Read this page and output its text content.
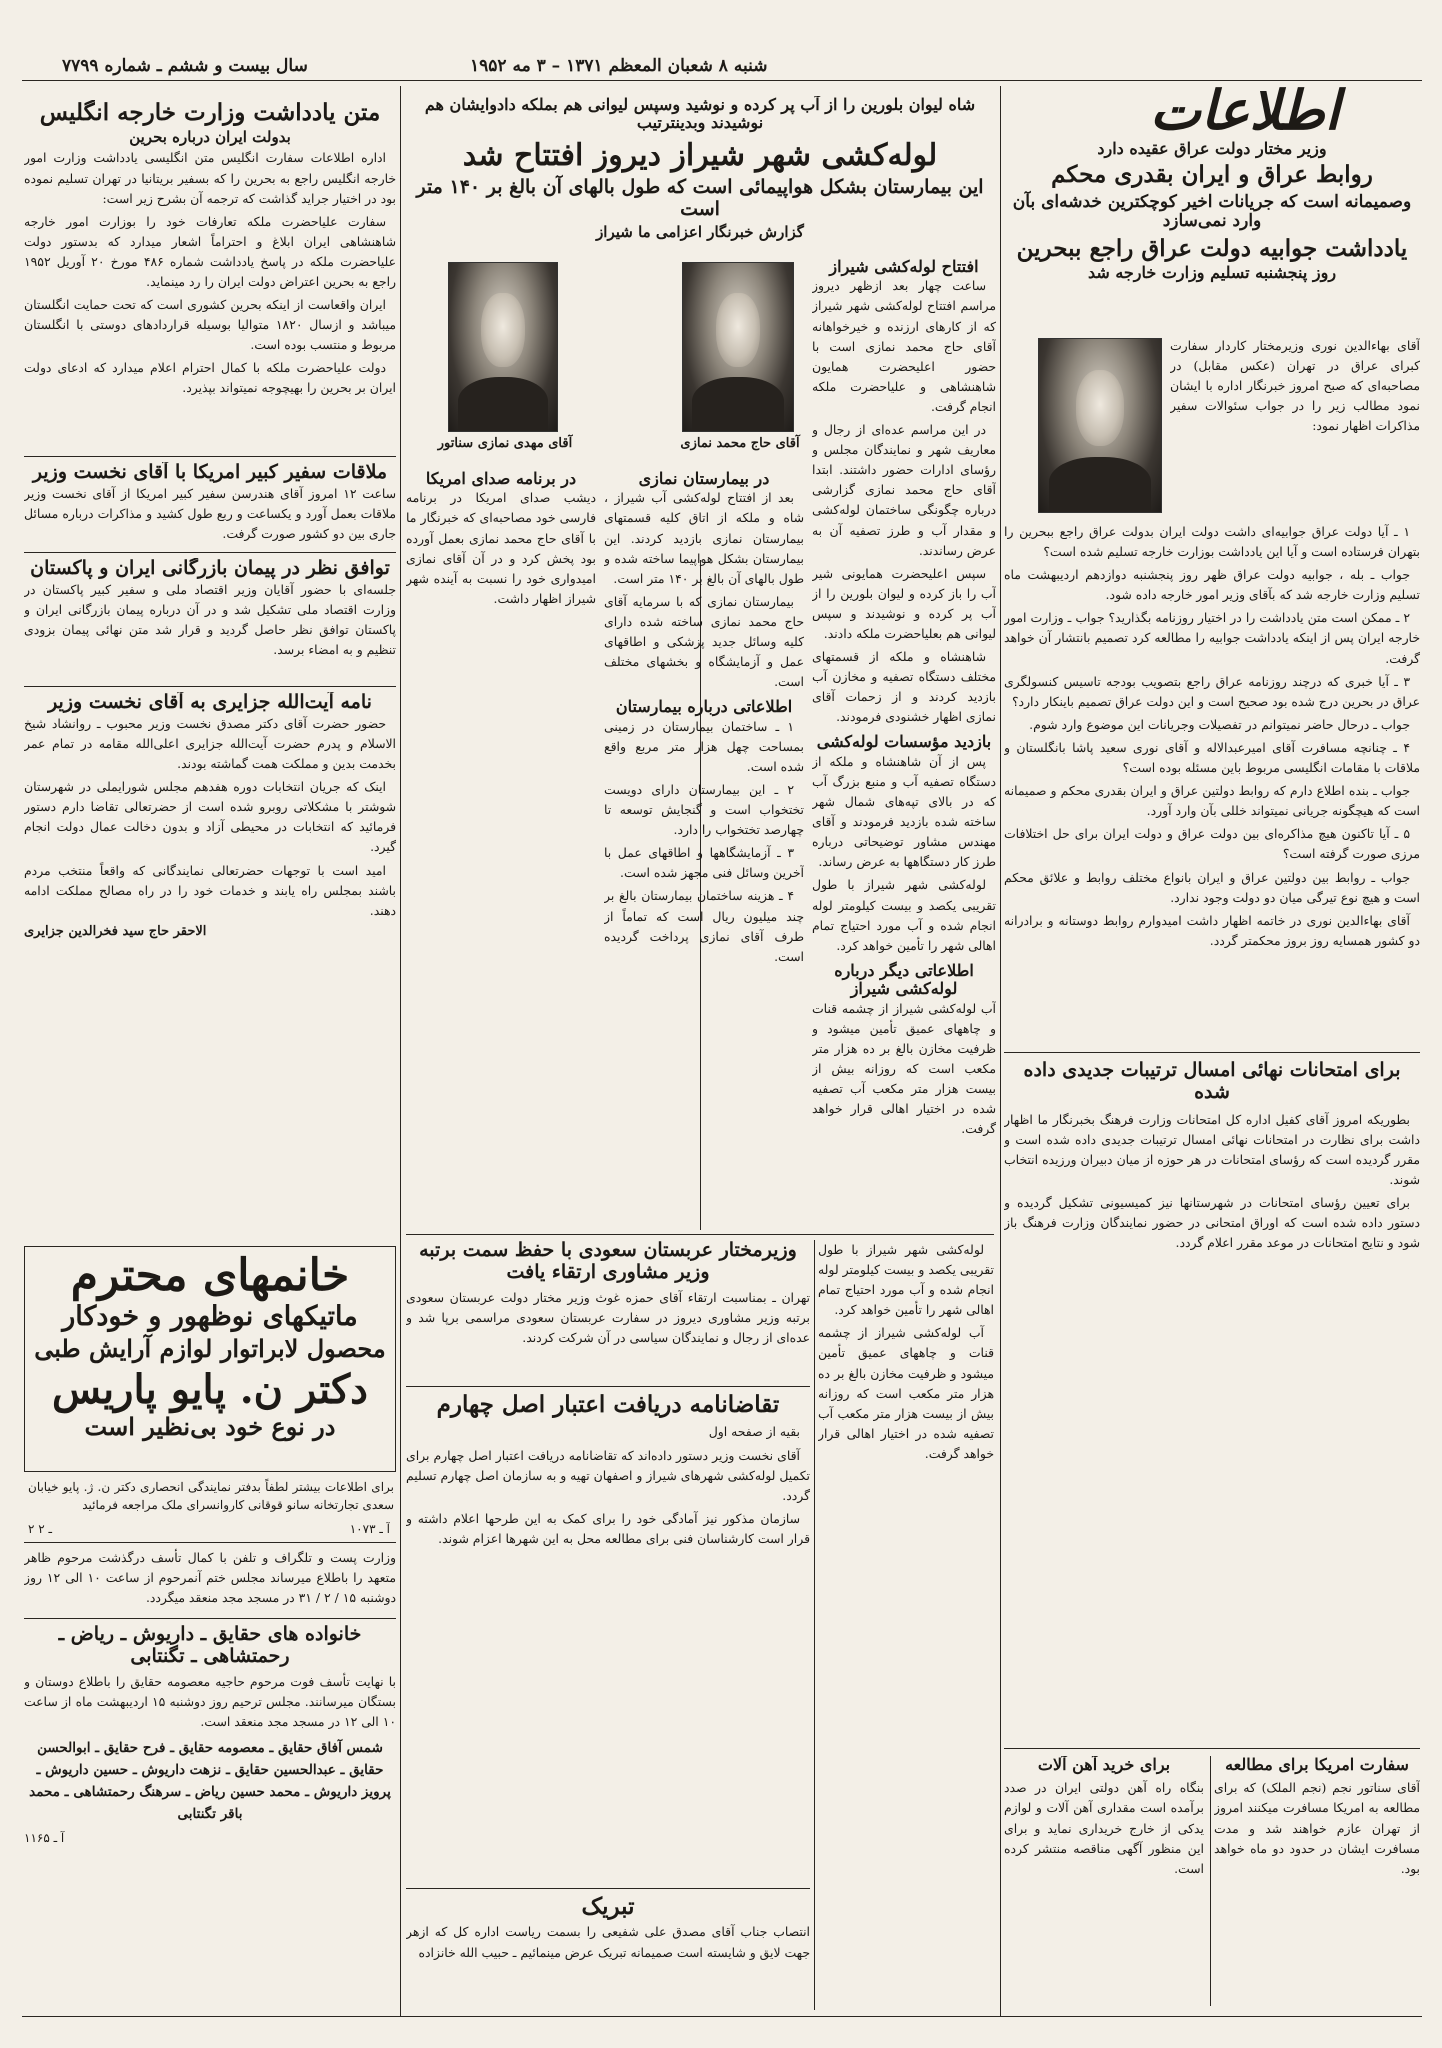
سال بیست و ششم ـ شماره ۷۷۹۹	شنبه ۸ شعبان المعظم ۱۳۷۱ – ۳ مه ۱۹۵۲
اطلاعات
وزیر مختار دولت عراق عقیده دارد
روابط عراق و ایران بقدری محکم
وصمیمانه است که جریانات اخیر کوچکترین خدشه‌ای بآن وارد نمی‌سازد
یادداشت جوابیه دولت عراق راجع ببحرین
روز پنجشنبه تسلیم وزارت خارجه شد
آقای بهاءالدین نوری وزیرمختار کاردار سفارت کبرای عراق در تهران (عکس مقابل) در مصاحبه‌ای که صبح امروز خبرنگار اداره با ایشان نمود مطالب زیر را در جواب سئوالات سفیر مذاکرات اظهار نمود:

۱ ـ آیا دولت عراق جوابیه‌ای داشت دولت ایران بدولت عراق راجع ببحرین را بتهران فرستاده است و آیا این یادداشت بوزارت خارجه تسلیم شده است؟

جواب ـ بله ، جوابیه دولت عراق ظهر روز پنجشنبه دوازدهم اردیبهشت ماه تسلیم وزارت خارجه شد که بآقای وزیر امور خارجه داده شود.

۲ ـ ممکن است متن یادداشت را در اختیار روزنامه بگذارید؟ جواب ـ وزارت امور خارجه ایران پس از اینکه یادداشت جوابیه را مطالعه کرد تصمیم بانتشار آن خواهد گرفت.

۳ ـ آیا خبری که درچند روزنامه عراق راجع بتصویب بودجه تاسیس کنسولگری عراق در بحرین درج شده بود صحیح است و این دولت عراق تصمیم باینکار دارد؟

جواب ـ درحال حاضر نمیتوانم در تفصیلات وجریانات این موضوع وارد شوم.

۴ ـ چنانچه مسافرت آقای امیرعبدالاله و آقای نوری سعید پاشا بانگلستان و ملاقات با مقامات انگلیسی مربوط باین مسئله بوده است؟

جواب ـ بنده اطلاع دارم که روابط دولتین عراق و ایران بقدری محکم و صمیمانه است که هیچگونه جریانی نمیتواند خللی بآن وارد آورد.

۵ ـ آیا تاکنون هیچ مذاکره‌ای بین دولت عراق و دولت ایران برای حل اختلافات مرزی صورت گرفته است؟

جواب ـ روابط بین دولتین عراق و ایران بانواع مختلف روابط و علائق محکم است و هیچ نوع تیرگی میان دو دولت وجود ندارد.

آقای بهاءالدین نوری در خاتمه اظهار داشت امیدوارم روابط دوستانه و برادرانه دو کشور همسایه روز بروز محکمتر گردد.

برای امتحانات نهائی امسال ترتیبات جدیدی داده شده

بطوریکه امروز آقای کفیل اداره کل امتحانات وزارت فرهنگ بخبرنگار ما اظهار داشت برای نظارت در امتحانات نهائی امسال ترتیبات جدیدی داده شده است و مقرر گردیده است که رؤسای امتحانات در هر حوزه از میان دبیران ورزیده انتخاب شوند.

برای تعیین رؤسای امتحانات در شهرستانها نیز کمیسیونی تشکیل گردیده و دستور داده شده است که اوراق امتحانی در حضور نمایندگان وزارت فرهنگ باز شود و نتایج امتحانات در موعد مقرر اعلام گردد.

سفارت امریکا برای مطالعه
آقای سناتور نجم (نجم الملک) که برای مطالعه به امریکا مسافرت میکنند امروز از تهران عازم خواهند شد و مدت مسافرت ایشان در حدود دو ماه خواهد بود.
برای خرید آهن آلات
بنگاه راه آهن دولتی ایران در صدد برآمده است مقداری آهن آلات و لوازم یدکی از خارج خریداری نماید و برای این منظور آگهی مناقصه منتشر کرده است.
شاه لیوان بلورین را از آب پر کرده و نوشید وسپس لیوانی هم بملکه دادوایشان هم نوشیدند وبدینترتیب
لوله‌کشی شهر شیراز دیروز افتتاح شد
این بیمارستان بشکل هواپیمائی است که طول بالهای آن بالغ بر ۱۴۰ متر است
گزارش خبرنگار اعزامی ما شیراز
آقای مهدی نمازی سناتور	آقای حاج محمد نمازی
افتتاح لوله‌کشی شیراز

ساعت چهار بعد ازظهر دیروز مراسم افتتاح لوله‌کشی شهر شیراز که از کارهای ارزنده و خیرخواهانه آقای حاج محمد نمازی است با حضور اعلیحضرت همایون شاهنشاهی و علیاحضرت ملکه انجام گرفت.

در این مراسم عده‌ای از رجال و معاریف شهر و نمایندگان مجلس و رؤسای ادارات حضور داشتند. ابتدا آقای حاج محمد نمازی گزارشی درباره چگونگی ساختمان لوله‌کشی و مقدار آب و طرز تصفیه آن به عرض رساندند.

سپس اعلیحضرت همایونی شیر آب را باز کرده و لیوان بلورین را از آب پر کرده و نوشیدند و سپس لیوانی هم بعلیاحضرت ملکه دادند.

شاهنشاه و ملکه از قسمتهای مختلف دستگاه تصفیه و مخازن آب بازدید کردند و از زحمات آقای نمازی اظهار خشنودی فرمودند.

بازدید مؤسسات لوله‌کشی

پس از آن شاهنشاه و ملکه از دستگاه تصفیه آب و منبع بزرگ آب که در بالای تپه‌های شمال شهر ساخته شده بازدید فرمودند و آقای مهندس مشاور توضیحاتی درباره طرز کار دستگاهها به عرض رساند.

لوله‌کشی شهر شیراز با طول تقریبی یکصد و بیست کیلومتر لوله انجام شده و آب مورد احتیاج تمام اهالی شهر را تأمین خواهد کرد.

اطلاعاتی دیگر درباره لوله‌کشی شیراز
آب لوله‌کشی شیراز از چشمه قنات و چاههای عمیق تأمین میشود و ظرفیت مخازن بالغ بر ده هزار متر مکعب است که روزانه بیش از بیست هزار متر مکعب آب تصفیه شده در اختیار اهالی قرار خواهد گرفت.
در بیمارستان نمازی

بعد از افتتاح لوله‌کشی آب شیراز ، شاه و ملکه از اتاق کلیه قسمتهای بیمارستان نمازی بازدید کردند. این بیمارستان بشکل هواپیما ساخته شده و طول بالهای آن بالغ بر ۱۴۰ متر است.

بیمارستان نمازی که با سرمایه آقای حاج محمد نمازی ساخته شده دارای کلیه وسائل جدید پزشکی و اطاقهای عمل و آزمایشگاه و بخشهای مختلف است.

اطلاعاتی درباره بیمارستان

۱ ـ ساختمان بیمارستان در زمینی بمساحت چهل هزار متر مربع واقع شده است.

۲ ـ این بیمارستان دارای دویست تختخواب است و گنجایش توسعه تا چهارصد تختخواب را دارد.

۳ ـ آزمایشگاهها و اطاقهای عمل با آخرین وسائل فنی مجهز شده است.

۴ ـ هزینه ساختمان بیمارستان بالغ بر چند میلیون ریال است که تماماً از طرف آقای نمازی پرداخت گردیده است.

در برنامه صدای امریکا
دیشب صدای امریکا در برنامه فارسی خود مصاحبه‌ای که خبرنگار ما با آقای حاج محمد نمازی بعمل آورده بود پخش کرد و در آن آقای نمازی امیدواری خود را نسبت به آینده شهر شیراز اظهار داشت.
وزیرمختار عربستان سعودی با حفظ سمت برتبه وزیر مشاوری ارتقاء یافت
تهران ـ بمناسبت ارتقاء آقای حمزه غوث وزیر مختار دولت عربستان سعودی برتبه وزیر مشاوری دیروز در سفارت عربستان سعودی مراسمی برپا شد و عده‌ای از رجال و نمایندگان سیاسی در آن شرکت کردند.
تقاضانامه دریافت اعتبار اصل چهارم

بقیه از صفحه اول

آقای نخست وزیر دستور داده‌اند که تقاضانامه دریافت اعتبار اصل چهارم برای تکمیل لوله‌کشی شهرهای شیراز و اصفهان تهیه و به سازمان اصل چهارم تسلیم گردد.

سازمان مذکور نیز آمادگی خود را برای کمک به این طرحها اعلام داشته و قرار است کارشناسان فنی برای مطالعه محل به این شهرها اعزام شوند.

لوله‌کشی شهر شیراز با طول تقریبی یکصد و بیست کیلومتر لوله انجام شده و آب مورد احتیاج تمام اهالی شهر را تأمین خواهد کرد.

آب لوله‌کشی شیراز از چشمه قنات و چاههای عمیق تأمین میشود و ظرفیت مخازن بالغ بر ده هزار متر مکعب است که روزانه بیش از بیست هزار متر مکعب آب تصفیه شده در اختیار اهالی قرار خواهد گرفت.

تبریک
انتصاب جناب آقای مصدق علی شفیعی را بسمت ریاست اداره کل که ازهر جهت لایق و شایسته است صمیمانه تبریک عرض مینمائیم ـ حبیب الله خانزاده
متن یادداشت وزارت خارجه انگلیس
بدولت ایران درباره بحرین

اداره اطلاعات سفارت انگلیس متن انگلیسی یادداشت وزارت امور خارجه انگلیس راجع به بحرین را که بسفیر بریتانیا در تهران تسلیم نموده بود در اختیار جراید گذاشت که ترجمه آن بشرح زیر است:

سفارت علیاحضرت ملکه تعارفات خود را بوزارت امور خارجه شاهنشاهی ایران ابلاغ و احتراماً اشعار میدارد که بدستور دولت علیاحضرت ملکه در پاسخ یادداشت شماره ۴۸۶ مورخ ۲۰ آوریل ۱۹۵۲ راجع به بحرین اعتراض دولت ایران را رد مینماید.

ایران واقعاست از اینکه بحرین کشوری است که تحت حمایت انگلستان میباشد و ازسال ۱۸۲۰ متوالیا بوسیله قراردادهای دوستی با انگلستان مربوط و منتسب بوده است.

دولت علیاحضرت ملکه با کمال احترام اعلام میدارد که ادعای دولت ایران بر بحرین را بهیچوجه نمیتواند بپذیرد.

ملاقات سفیر کبیر امریکا با آقای نخست وزیر
ساعت ۱۲ امروز آقای هندرسن سفیر کبیر امریکا از آقای نخست وزیر ملاقات بعمل آورد و یکساعت و ربع طول کشید و مذاکرات درباره مسائل جاری بین دو کشور صورت گرفت.
توافق نظر در پیمان بازرگانی ایران و پاکستان
جلسه‌ای با حضور آقایان وزیر اقتصاد ملی و سفیر کبیر پاکستان در وزارت اقتصاد ملی تشکیل شد و در آن درباره پیمان بازرگانی ایران و پاکستان توافق نظر حاصل گردید و قرار شد متن نهائی پیمان بزودی تنظیم و به امضاء برسد.
نامه آیت‌الله جزایری به آقای نخست وزیر

حضور حضرت آقای دکتر مصدق نخست وزیر محبوب ـ روانشاد شیخ الاسلام و پدرم حضرت آیت‌الله جزایری اعلی‌الله مقامه در تمام عمر بخدمت بدین و مملکت همت گماشته بودند.

اینک که جریان انتخابات دوره هفدهم مجلس شورایملی در شهرستان شوشتر با مشکلاتی روبرو شده است از حضرتعالی تقاضا دارم دستور فرمائید که انتخابات در محیطی آزاد و بدون دخالت عمال دولت انجام گیرد.

امید است با توجهات حضرتعالی نمایندگانی که واقعاً منتخب مردم باشند بمجلس راه یابند و خدمات خود را در راه مصالح مملکت ادامه دهند.

الاحقر حاج سید فخرالدین جزایری
خانمهای محترم
ماتیکهای نوظهور و خودکار
محصول لابراتوار لوازم آرایش طبی
دکتر ن. پایو پاریس
در نوع خود بی‌نظیر است
برای اطلاعات بیشتر لطفاً بدفتر نمایندگی انحصاری دکتر ن. ژ. پایو خیابان سعدی تجارتخانه سانو قوقانی کاروانسرای ملک مراجعه فرمائید
۲ ـ ۲	آ ـ ۱۰۷۳
وزارت پست و تلگراف و تلفن با کمال تأسف درگذشت مرحوم ظاهر متعهد را باطلاع میرساند مجلس ختم آنمرحوم از ساعت ۱۰ الی ۱۲ روز دوشنبه ۱۵ / ۲ / ۳۱ در مسجد مجد منعقد میگردد.
خانواده های حقایق ـ داریوش ـ ریاض ـ رحمتشاهی ـ تگنتابی
با نهایت تأسف فوت مرحوم حاجیه معصومه حقایق را باطلاع دوستان و بستگان میرسانند. مجلس ترحیم روز دوشنبه ۱۵ اردیبهشت ماه از ساعت ۱۰ الی ۱۲ در مسجد مجد منعقد است.
شمس آفاق حقایق ـ معصومه حقایق ـ فرح حقایق ـ ابوالحسن حقایق ـ عبدالحسین حقایق ـ نزهت داریوش ـ حسین داریوش ـ پرویز داریوش ـ محمد حسین ریاض ـ سرهنگ رحمتشاهی ـ محمد باقر تگنتابی
آ ـ ۱۱۶۵
